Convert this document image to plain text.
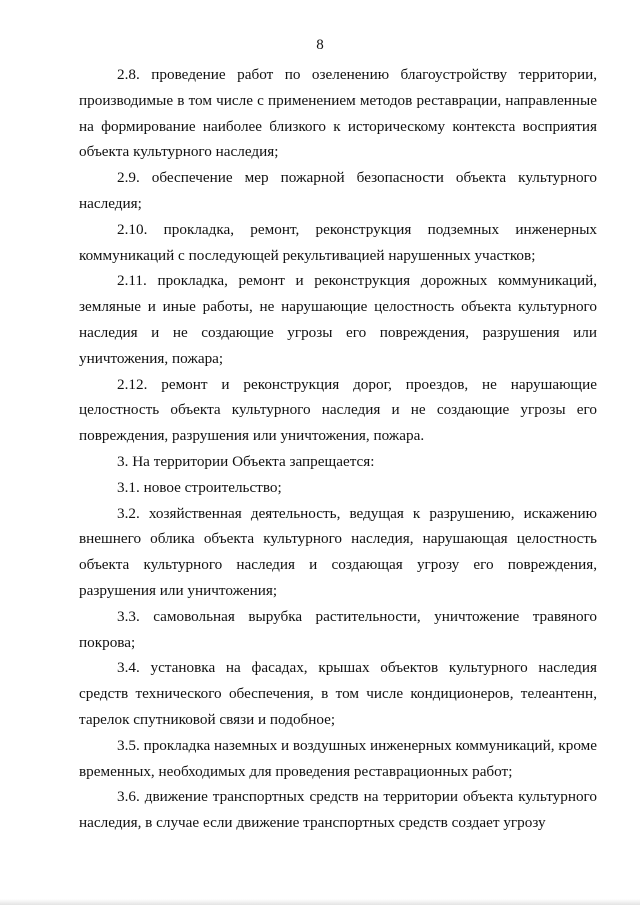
8

2.8. проведение работ по озеленению благоустройству территории, производимые в том числе с применением методов реставрации, направленные на формирование наиболее близкого к историческому контекста восприятия объекта культурного наследия;

2.9. обеспечение мер пожарной безопасности объекта культурного наследия;

2.10. прокладка, ремонт, реконструкция подземных инженерных коммуникаций с последующей рекультивацией нарушенных участков;

2.11. прокладка, ремонт и реконструкция дорожных коммуникаций, земляные и иные работы, не нарушающие целостность объекта культурного наследия и не создающие угрозы его повреждения, разрушения или уничтожения, пожара;

2.12. ремонт и реконструкция дорог, проездов, не нарушающие целостность объекта культурного наследия и не создающие угрозы его повреждения, разрушения или уничтожения, пожара.

3. На территории Объекта запрещается:

3.1. новое строительство;

3.2. хозяйственная деятельность, ведущая к разрушению, искажению внешнего облика объекта культурного наследия, нарушающая целостность объекта культурного наследия и создающая угрозу его повреждения, разрушения или уничтожения;

3.3. самовольная вырубка растительности, уничтожение травяного покрова;

3.4. установка на фасадах, крышах объектов культурного наследия средств технического обеспечения, в том числе кондиционеров, телеантенн, тарелок спутниковой связи и подобное;

3.5. прокладка наземных и воздушных инженерных коммуникаций, кроме временных, необходимых для проведения реставрационных работ;

3.6. движение транспортных средств на территории объекта культурного наследия, в случае если движение транспортных средств создает угрозу
